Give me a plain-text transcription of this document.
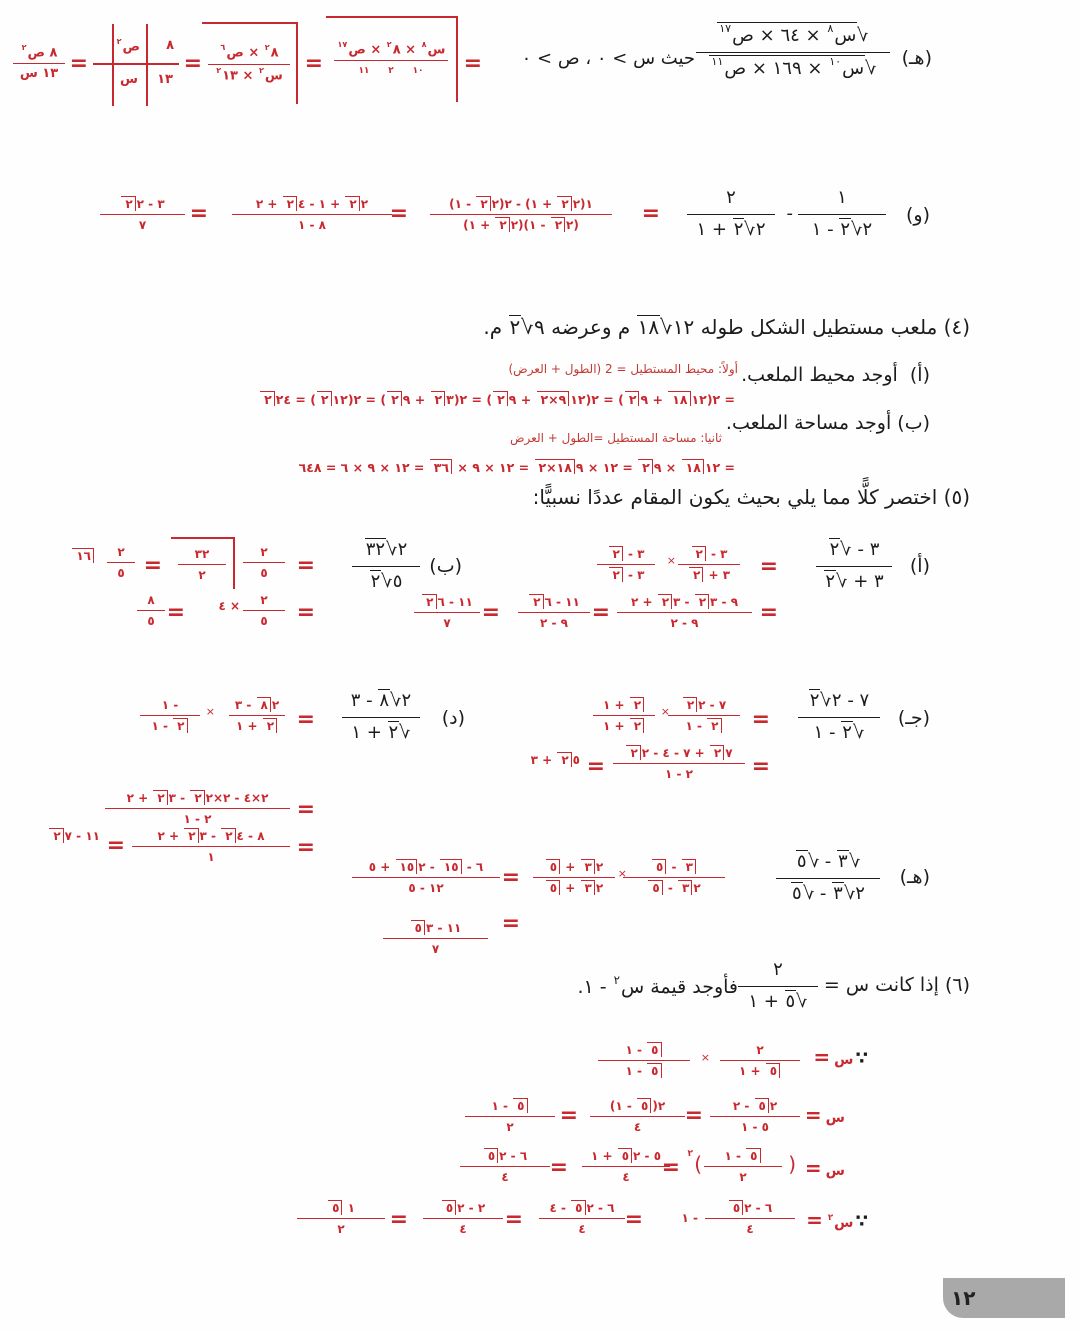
(هـ)
√س٨ × ٦٤ × ص١٧
√س١٠ × ١٦٩ × ص١١
حيث س > ٠ ، ص > ٠
=
س٨ × ٨٢ × ص١٧
١٠      ٢      ١١
=
٨٢ × ص٦
س٢ × ١٣٢
=
٨
ص٢
١٣
س
=
٨ ص٢
١٣ س
(و)
١
٢√٢ - ١
-
٢
٢√٢ + ١
=
١(٢٢ + ١) - ٢(٢٢ - ١)
(٢٢ - ١)(٢٢ + ١)
=
٢٢ + ١ - ٤٢ + ٢
٨ - ١
=
٣ - ٢٢
٧
(٤) ملعب مستطيل الشكل طوله ١٢√١٨ م وعرضه ٩√٢ م.
(أ)  أوجد محيط الملعب.
أولاً: محيط المستطيل = 2 (الطول + العرض)
= ٢(١٢١٨ + ٩٢) = ٢(١٢٩×٢ + ٩٢) = ٢(٣٢ + ٩٢) = ٢(١٢٢) = ٢٤٢
(ب) أوجد مساحة الملعب.
ثانيا: مساحة المستطيل =الطول + العرض
= ١٢١٨ × ٩٢ = ١٢ × ٩١٨×٢ = ١٢ × ٩ × ٣٦ = ١٢ × ٩ × ٦ = ٦٤٨
(٥) اختصر كلًّا مما يلي بحيث يكون المقام عددًا نسبيًّا:
(أ)
٣ - √٢
٣ + √٢
=
٣ - ٢
٣ + ٢
×
٣ - ٢
٣ - ٢
=
٩ - ٣٢ - ٣٢ + ٢
٩ - ٢
=
١١ - ٦٢
٩ - ٢
=
١١ - ٦٢
٧
(ب)
٢√٣٢
٥√٢
=
٢
٥
٣٢
٢
=
٢
٥
١٦
=
٢
٥
× ٤
=
٨
٥
(جـ)
٧ - ٢√٢
√٢ - ١
=
٧ - ٢٢
٢ - ١
×
٢ + ١
٢ + ١
=
٧٢ + ٧ - ٤ - ٢٢
٢ - ١
=
٥٢ + ٣
(د)
٢√٨ - ٣
√٢ + ١
=
٢٨ - ٣
٢ + ١
×
- ١
٢ - ١
=
٢×٤ - ٢×٢٢ - ٣٢ + ٢
٢ - ١
=
٨ - ٤٢ - ٣٢ + ٢
١
=
١١ - ٧٢
(هـ)
√٣ - √٥
٢√٣ - √٥
٣ - ٥
٢٣ - ٥
×
٢٣ + ٥
٢٣ + ٥
=
٦ - ١٥ - ٢١٥ + ٥
١٢ - ٥
=
١١ - ٣٥
٧
(٦) إذا كانت س =
٢
√٥ + ١
فأوجد قيمة س٢ - ١.
∵س=
٢
٥ + ١
×
٥ - ١
٥ - ١
س=
٢٥ - ٢
٥ - ١
=
٢(٥ - ١)
٤
=
٥ - ١
٢
س=
(
٥ - ١
٢
)
٢
=
٥ - ٢٥ + ١
٤
=
٦ - ٢٥
٤
∵س٢=
٦ - ٢٥
٤
- ١
=
٦ - ٢٥ - ٤
٤
=
٢ - ٢٥
٤
=
١ ٥
٢
١٢
